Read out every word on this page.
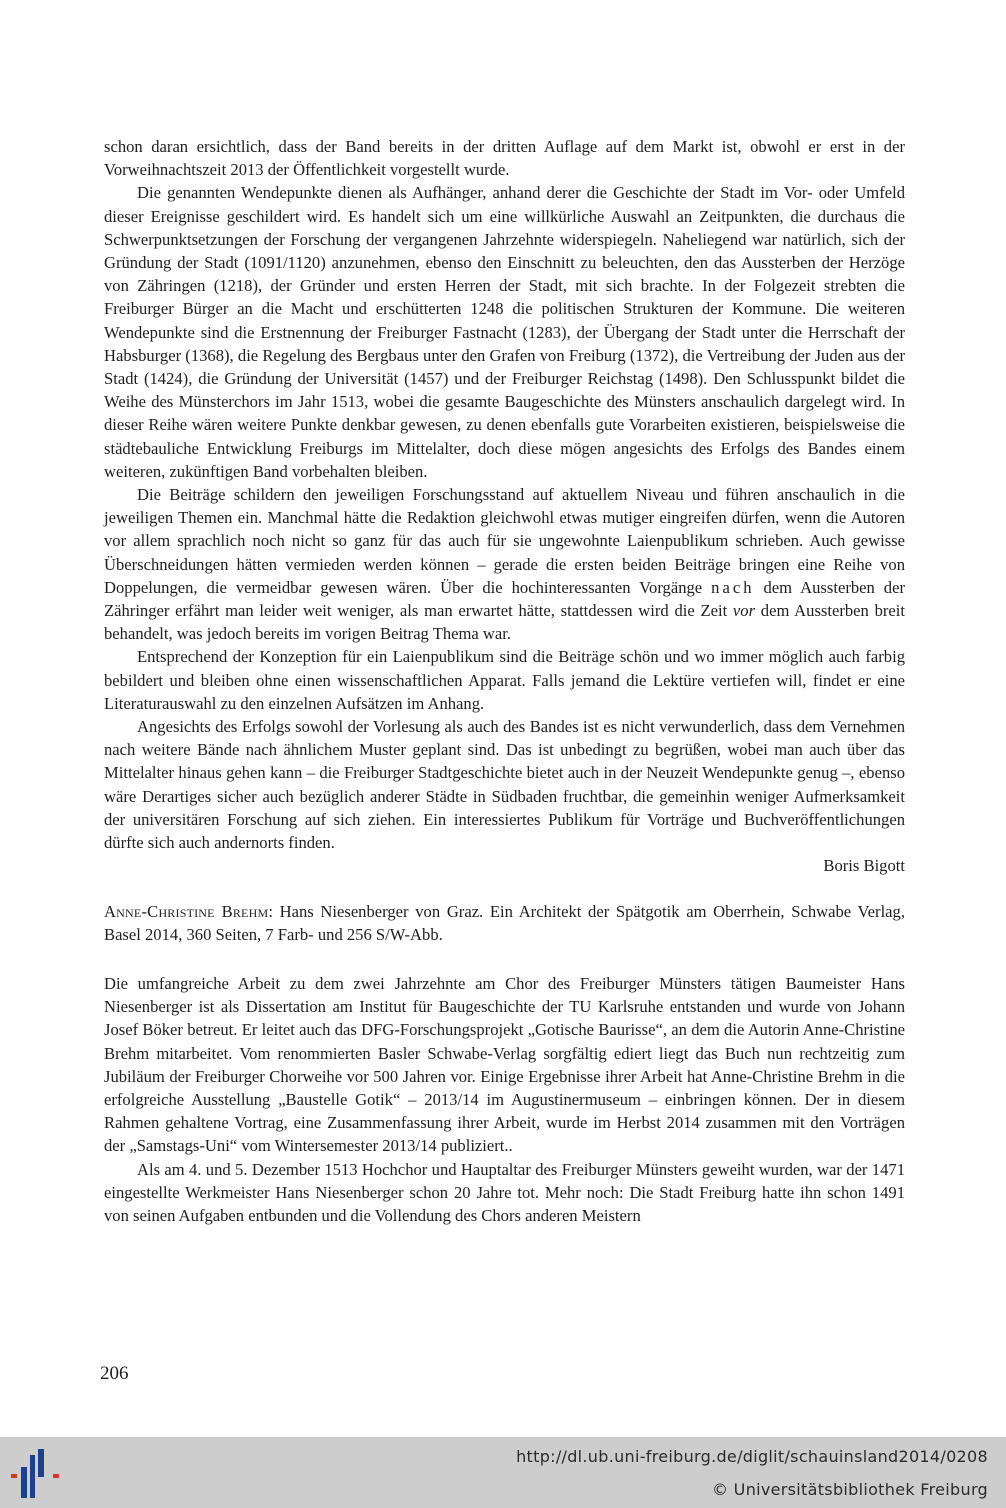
schon daran ersichtlich, dass der Band bereits in der dritten Auflage auf dem Markt ist, obwohl er erst in der Vorweihnachtszeit 2013 der Öffentlichkeit vorgestellt wurde.

Die genannten Wendepunkte dienen als Aufhänger, anhand derer die Geschichte der Stadt im Vor- oder Umfeld dieser Ereignisse geschildert wird. Es handelt sich um eine willkürliche Auswahl an Zeitpunkten, die durchaus die Schwerpunktsetzungen der Forschung der vergangenen Jahrzehnte widerspiegeln. Naheliegend war natürlich, sich der Gründung der Stadt (1091/1120) anzunehmen, ebenso den Einschnitt zu beleuchten, den das Aussterben der Herzöge von Zähringen (1218), der Gründer und ersten Herren der Stadt, mit sich brachte. In der Folgezeit strebten die Freiburger Bürger an die Macht und erschütterten 1248 die politischen Strukturen der Kommune. Die weiteren Wendepunkte sind die Erstnennung der Freiburger Fastnacht (1283), der Übergang der Stadt unter die Herrschaft der Habsburger (1368), die Regelung des Bergbaus unter den Grafen von Freiburg (1372), die Vertreibung der Juden aus der Stadt (1424), die Gründung der Universität (1457) und der Freiburger Reichstag (1498). Den Schlusspunkt bildet die Weihe des Münsterchors im Jahr 1513, wobei die gesamte Baugeschichte des Münsters anschaulich dargelegt wird. In dieser Reihe wären weitere Punkte denkbar gewesen, zu denen ebenfalls gute Vorarbeiten existieren, beispielsweise die städtebauliche Entwicklung Freiburgs im Mittelalter, doch diese mögen angesichts des Erfolgs des Bandes einem weiteren, zukünftigen Band vorbehalten bleiben.

Die Beiträge schildern den jeweiligen Forschungsstand auf aktuellem Niveau und führen anschaulich in die jeweiligen Themen ein. Manchmal hätte die Redaktion gleichwohl etwas mutiger eingreifen dürfen, wenn die Autoren vor allem sprachlich noch nicht so ganz für das auch für sie ungewohnte Laienpublikum schrieben. Auch gewisse Überschneidungen hätten vermieden werden können – gerade die ersten beiden Beiträge bringen eine Reihe von Doppelungen, die vermeidbar gewesen wären. Über die hochinteressanten Vorgänge nach dem Aussterben der Zähringer erfährt man leider weit weniger, als man erwartet hätte, stattdessen wird die Zeit vor dem Aussterben breit behandelt, was jedoch bereits im vorigen Beitrag Thema war.

Entsprechend der Konzeption für ein Laienpublikum sind die Beiträge schön und wo immer möglich auch farbig bebildert und bleiben ohne einen wissenschaftlichen Apparat. Falls jemand die Lektüre vertiefen will, findet er eine Literaturauswahl zu den einzelnen Aufsätzen im Anhang.

Angesichts des Erfolgs sowohl der Vorlesung als auch des Bandes ist es nicht verwunderlich, dass dem Vernehmen nach weitere Bände nach ähnlichem Muster geplant sind. Das ist unbedingt zu begrüßen, wobei man auch über das Mittelalter hinaus gehen kann – die Freiburger Stadtgeschichte bietet auch in der Neuzeit Wendepunkte genug –, ebenso wäre Derartiges sicher auch bezüglich anderer Städte in Südbaden fruchtbar, die gemeinhin weniger Aufmerksamkeit der universitären Forschung auf sich ziehen. Ein interessiertes Publikum für Vorträge und Buchveröffentlichungen dürfte sich auch andernorts finden.

Boris Bigott

Anne-Christine Brehm: Hans Niesenberger von Graz. Ein Architekt der Spätgotik am Oberrhein, Schwabe Verlag, Basel 2014, 360 Seiten, 7 Farb- und 256 S/W-Abb.

Die umfangreiche Arbeit zu dem zwei Jahrzehnte am Chor des Freiburger Münsters tätigen Baumeister Hans Niesenberger ist als Dissertation am Institut für Baugeschichte der TU Karlsruhe entstanden und wurde von Johann Josef Böker betreut. Er leitet auch das DFG-Forschungsprojekt „Gotische Baurisse“, an dem die Autorin Anne-Christine Brehm mitarbeitet. Vom renommierten Basler Schwabe-Verlag sorgfältig ediert liegt das Buch nun rechtzeitig zum Jubiläum der Freiburger Chorweihe vor 500 Jahren vor. Einige Ergebnisse ihrer Arbeit hat Anne-Christine Brehm in die erfolgreiche Ausstellung „Baustelle Gotik“ – 2013/14 im Augustinermuseum – einbringen können. Der in diesem Rahmen gehaltene Vortrag, eine Zusammenfassung ihrer Arbeit, wurde im Herbst 2014 zusammen mit den Vorträgen der „Samstags-Uni“ vom Wintersemester 2013/14 publiziert..

Als am 4. und 5. Dezember 1513 Hochchor und Hauptaltar des Freiburger Münsters geweiht wurden, war der 1471 eingestellte Werkmeister Hans Niesenberger schon 20 Jahre tot. Mehr noch: Die Stadt Freiburg hatte ihn schon 1491 von seinen Aufgaben entbunden und die Vollendung des Chors anderen Meistern

206
http://dl.ub.uni-freiburg.de/diglit/schauinsland2014/0208
© Universitätsbibliothek Freiburg
